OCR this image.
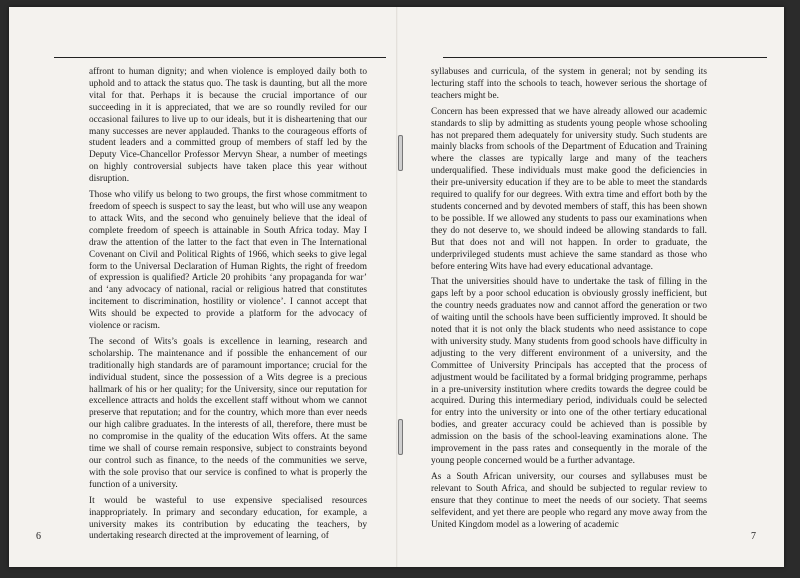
affront to human dignity; and when violence is employed daily both to uphold and to attack the status quo. The task is daunting, but all the more vital for that. Perhaps it is because the crucial importance of our succeeding in it is appreciated, that we are so roundly reviled for our occasional failures to live up to our ideals, but it is disheartening that our many successes are never applauded. Thanks to the courageous efforts of student leaders and a committed group of members of staff led by the Deputy Vice-Chancellor Professor Mervyn Shear, a number of meetings on highly controversial subjects have taken place this year without disruption.

Those who vilify us belong to two groups, the first whose commitment to freedom of speech is suspect to say the least, but who will use any weapon to attack Wits, and the second who genuinely believe that the ideal of complete freedom of speech is attainable in South Africa today. May I draw the attention of the latter to the fact that even in The International Covenant on Civil and Political Rights of 1966, which seeks to give legal form to the Universal Declaration of Human Rights, the right of freedom of expression is qualified? Article 20 prohibits ‘any propaganda for war’ and ‘any advocacy of national, racial or religious hatred that constitutes incitement to discrimination, hostility or violence’. I cannot accept that Wits should be expected to provide a platform for the advocacy of violence or racism.

The second of Wits’s goals is excellence in learning, research and scholarship. The maintenance and if possible the enhancement of our traditionally high standards are of paramount importance; crucial for the individual student, since the possession of a Wits degree is a precious hallmark of his or her quality; for the University, since our reputation for excellence attracts and holds the excellent staff without whom we cannot preserve that reputation; and for the country, which more than ever needs our high calibre graduates. In the interests of all, therefore, there must be no compromise in the quality of the education Wits offers. At the same time we shall of course remain responsive, subject to constraints beyond our control such as finance, to the needs of the communities we serve, with the sole proviso that our service is confined to what is properly the function of a university.

It would be wasteful to use expensive specialised resources inappropriately. In primary and secondary education, for example, a university makes its contribution by educating the teachers, by undertaking research directed at the improvement of learning, of

6

syllabuses and curricula, of the system in general; not by sending its lecturing staff into the schools to teach, however serious the shortage of teachers might be.

Concern has been expressed that we have already allowed our academic standards to slip by admitting as students young people whose schooling has not prepared them adequately for university study. Such students are mainly blacks from schools of the Department of Education and Training where the classes are typically large and many of the teachers underqualified. These individuals must make good the deficiencies in their pre-university education if they are to be able to meet the standards required to qualify for our degrees. With extra time and effort both by the students concerned and by devoted members of staff, this has been shown to be possible. If we allowed any students to pass our examinations when they do not deserve to, we should indeed be allowing standards to fall. But that does not and will not happen. In order to graduate, the underprivileged students must achieve the same standard as those who before entering Wits have had every educational advantage.

That the universities should have to undertake the task of filling in the gaps left by a poor school education is obviously grossly inefficient, but the country needs graduates now and cannot afford the generation or two of waiting until the schools have been sufficiently improved. It should be noted that it is not only the black students who need assistance to cope with university study. Many students from good schools have difficulty in adjusting to the very different environment of a university, and the Committee of University Principals has accepted that the process of adjustment would be facilitated by a formal bridging programme, perhaps in a pre-university institution where credits towards the degree could be acquired. During this intermediary period, individuals could be selected for entry into the university or into one of the other tertiary educational bodies, and greater accuracy could be achieved than is possible by admission on the basis of the school-leaving examinations alone. The improvement in the pass rates and consequently in the morale of the young people concerned would be a further advantage.

As a South African university, our courses and syllabuses must be relevant to South Africa, and should be subjected to regular review to ensure that they continue to meet the needs of our society. That seems selfevident, and yet there are people who regard any move away from the United Kingdom model as a lowering of academic

7
